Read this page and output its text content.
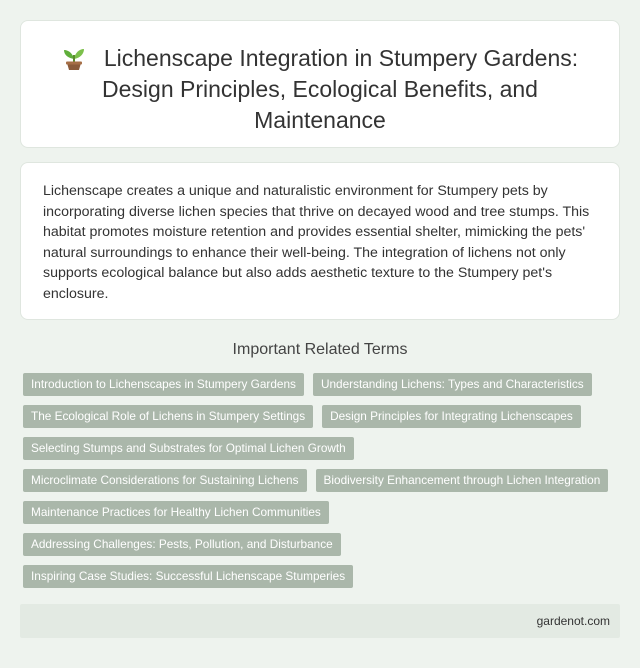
Lichenscape Integration in Stumpery Gardens: Design Principles, Ecological Benefits, and Maintenance

Lichenscape creates a unique and naturalistic environment for Stumpery pets by incorporating diverse lichen species that thrive on decayed wood and tree stumps. This habitat promotes moisture retention and provides essential shelter, mimicking the pets' natural surroundings to enhance their well-being. The integration of lichens not only supports ecological balance but also adds aesthetic texture to the Stumpery pet's enclosure.

Important Related Terms
Introduction to Lichenscapes in Stumpery Gardens	Understanding Lichens: Types and Characteristics
The Ecological Role of Lichens in Stumpery Settings	Design Principles for Integrating Lichenscapes
Selecting Stumps and Substrates for Optimal Lichen Growth
Microclimate Considerations for Sustaining Lichens	Biodiversity Enhancement through Lichen Integration
Maintenance Practices for Healthy Lichen Communities
Addressing Challenges: Pests, Pollution, and Disturbance
Inspiring Case Studies: Successful Lichenscape Stumperies
gardenot.com
